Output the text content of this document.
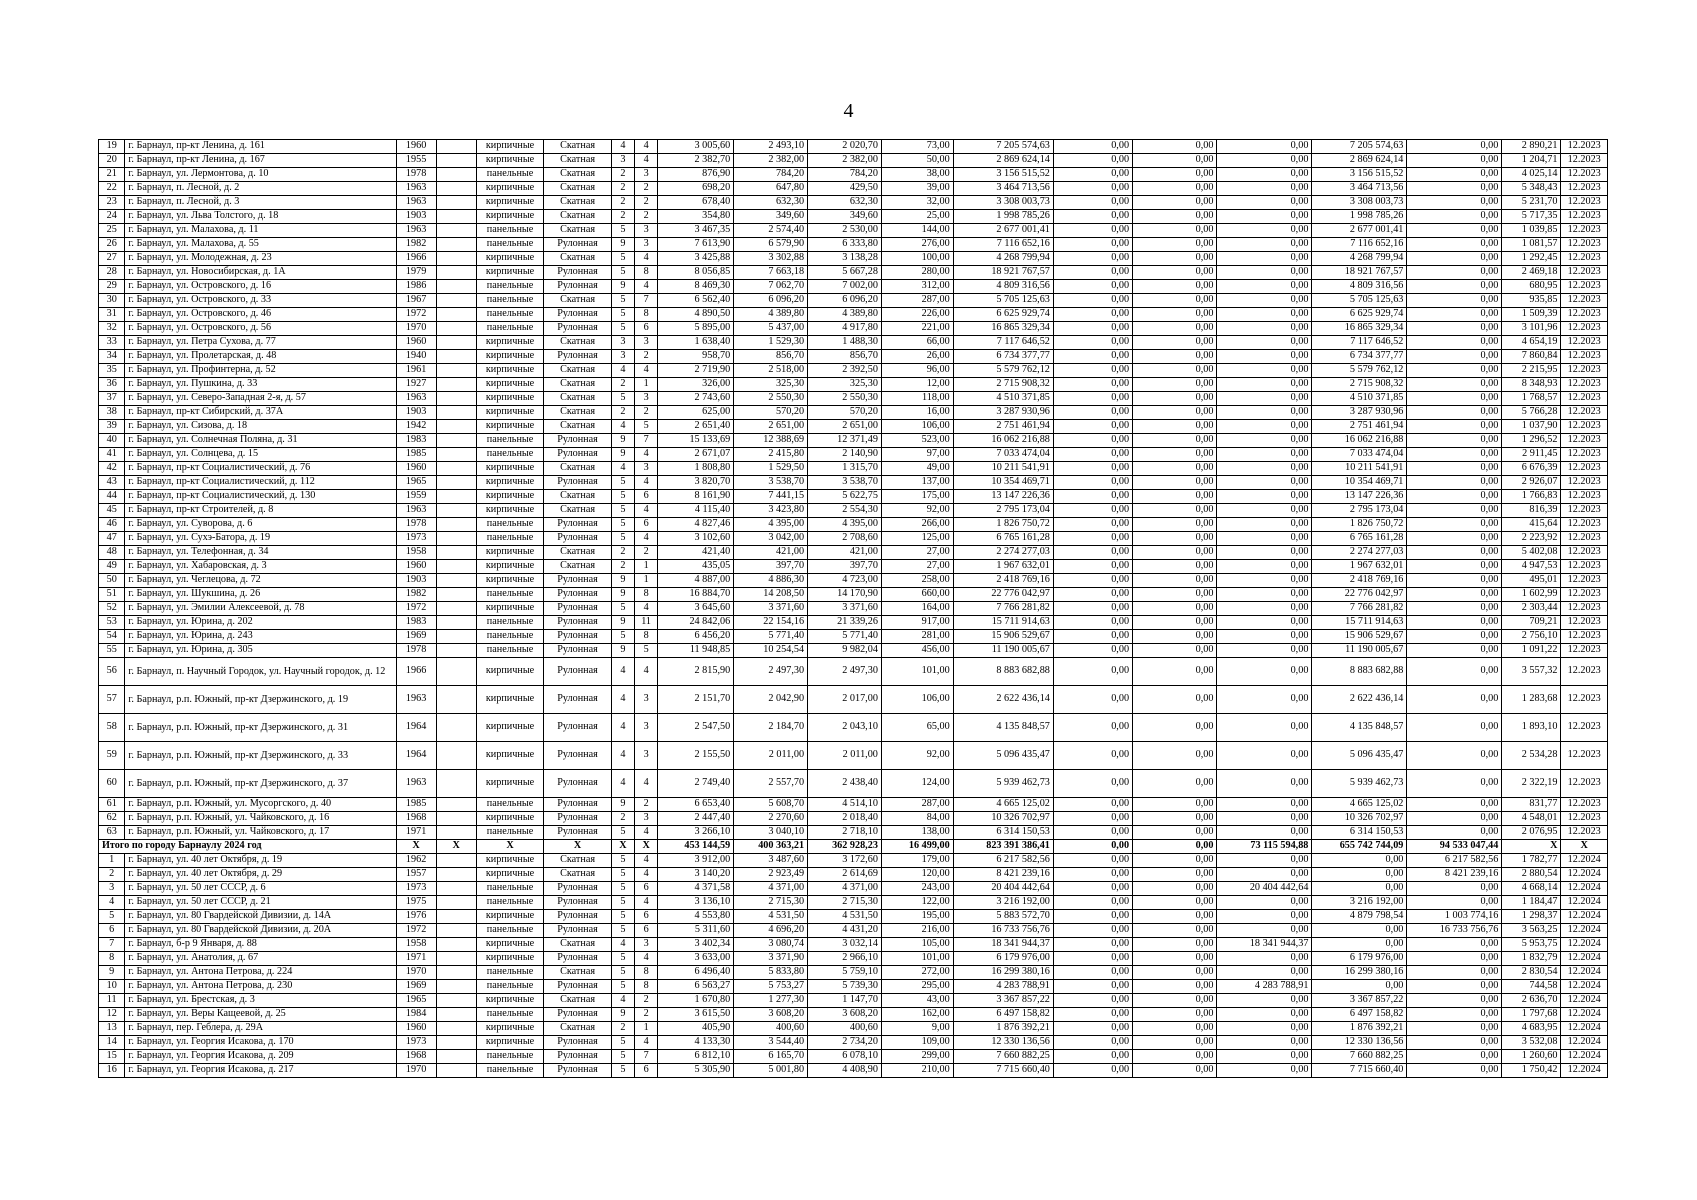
4
19	г. Барнаул, пр-кт Ленина, д. 161	1960		кирпичные	Скатная	4	4	3 005,60	2 493,10	2 020,70	73,00	7 205 574,63	0,00	0,00	0,00	7 205 574,63	0,00	2 890,21	12.2023
20	г. Барнаул, пр-кт Ленина, д. 167	1955		кирпичные	Скатная	3	4	2 382,70	2 382,00	2 382,00	50,00	2 869 624,14	0,00	0,00	0,00	2 869 624,14	0,00	1 204,71	12.2023
21	г. Барнаул, ул. Лермонтова, д. 10	1978		панельные	Скатная	2	3	876,90	784,20	784,20	38,00	3 156 515,52	0,00	0,00	0,00	3 156 515,52	0,00	4 025,14	12.2023
22	г. Барнаул, п. Лесной, д. 2	1963		кирпичные	Скатная	2	2	698,20	647,80	429,50	39,00	3 464 713,56	0,00	0,00	0,00	3 464 713,56	0,00	5 348,43	12.2023
23	г. Барнаул, п. Лесной, д. 3	1963		кирпичные	Скатная	2	2	678,40	632,30	632,30	32,00	3 308 003,73	0,00	0,00	0,00	3 308 003,73	0,00	5 231,70	12.2023
24	г. Барнаул, ул. Льва Толстого, д. 18	1903		кирпичные	Скатная	2	2	354,80	349,60	349,60	25,00	1 998 785,26	0,00	0,00	0,00	1 998 785,26	0,00	5 717,35	12.2023
25	г. Барнаул, ул. Малахова, д. 11	1963		панельные	Скатная	5	3	3 467,35	2 574,40	2 530,00	144,00	2 677 001,41	0,00	0,00	0,00	2 677 001,41	0,00	1 039,85	12.2023
26	г. Барнаул, ул. Малахова, д. 55	1982		панельные	Рулонная	9	3	7 613,90	6 579,90	6 333,80	276,00	7 116 652,16	0,00	0,00	0,00	7 116 652,16	0,00	1 081,57	12.2023
27	г. Барнаул, ул. Молодежная, д. 23	1966		кирпичные	Скатная	5	4	3 425,88	3 302,88	3 138,28	100,00	4 268 799,94	0,00	0,00	0,00	4 268 799,94	0,00	1 292,45	12.2023
28	г. Барнаул, ул. Новосибирская, д. 1А	1979		кирпичные	Рулонная	5	8	8 056,85	7 663,18	5 667,28	280,00	18 921 767,57	0,00	0,00	0,00	18 921 767,57	0,00	2 469,18	12.2023
29	г. Барнаул, ул. Островского, д. 16	1986		панельные	Рулонная	9	4	8 469,30	7 062,70	7 002,00	312,00	4 809 316,56	0,00	0,00	0,00	4 809 316,56	0,00	680,95	12.2023
30	г. Барнаул, ул. Островского, д. 33	1967		панельные	Скатная	5	7	6 562,40	6 096,20	6 096,20	287,00	5 705 125,63	0,00	0,00	0,00	5 705 125,63	0,00	935,85	12.2023
31	г. Барнаул, ул. Островского, д. 46	1972		панельные	Рулонная	5	8	4 890,50	4 389,80	4 389,80	226,00	6 625 929,74	0,00	0,00	0,00	6 625 929,74	0,00	1 509,39	12.2023
32	г. Барнаул, ул. Островского, д. 56	1970		панельные	Рулонная	5	6	5 895,00	5 437,00	4 917,80	221,00	16 865 329,34	0,00	0,00	0,00	16 865 329,34	0,00	3 101,96	12.2023
33	г. Барнаул, ул. Петра Сухова, д. 77	1960		кирпичные	Скатная	3	3	1 638,40	1 529,30	1 488,30	66,00	7 117 646,52	0,00	0,00	0,00	7 117 646,52	0,00	4 654,19	12.2023
34	г. Барнаул, ул. Пролетарская, д. 48	1940		кирпичные	Рулонная	3	2	958,70	856,70	856,70	26,00	6 734 377,77	0,00	0,00	0,00	6 734 377,77	0,00	7 860,84	12.2023
35	г. Барнаул, ул. Профинтерна, д. 52	1961		кирпичные	Скатная	4	4	2 719,90	2 518,00	2 392,50	96,00	5 579 762,12	0,00	0,00	0,00	5 579 762,12	0,00	2 215,95	12.2023
36	г. Барнаул, ул. Пушкина, д. 33	1927		кирпичные	Скатная	2	1	326,00	325,30	325,30	12,00	2 715 908,32	0,00	0,00	0,00	2 715 908,32	0,00	8 348,93	12.2023
37	г. Барнаул, ул. Северо-Западная 2-я, д. 57	1963		кирпичные	Скатная	5	3	2 743,60	2 550,30	2 550,30	118,00	4 510 371,85	0,00	0,00	0,00	4 510 371,85	0,00	1 768,57	12.2023
38	г. Барнаул, пр-кт Сибирский, д. 37А	1903		кирпичные	Скатная	2	2	625,00	570,20	570,20	16,00	3 287 930,96	0,00	0,00	0,00	3 287 930,96	0,00	5 766,28	12.2023
39	г. Барнаул, ул. Сизова, д. 18	1942		кирпичные	Скатная	4	5	2 651,40	2 651,00	2 651,00	106,00	2 751 461,94	0,00	0,00	0,00	2 751 461,94	0,00	1 037,90	12.2023
40	г. Барнаул, ул. Солнечная Поляна, д. 31	1983		панельные	Рулонная	9	7	15 133,69	12 388,69	12 371,49	523,00	16 062 216,88	0,00	0,00	0,00	16 062 216,88	0,00	1 296,52	12.2023
41	г. Барнаул, ул. Солнцева, д. 15	1985		панельные	Рулонная	9	4	2 671,07	2 415,80	2 140,90	97,00	7 033 474,04	0,00	0,00	0,00	7 033 474,04	0,00	2 911,45	12.2023
42	г. Барнаул, пр-кт Социалистический, д. 76	1960		кирпичные	Скатная	4	3	1 808,80	1 529,50	1 315,70	49,00	10 211 541,91	0,00	0,00	0,00	10 211 541,91	0,00	6 676,39	12.2023
43	г. Барнаул, пр-кт Социалистический, д. 112	1965		кирпичные	Рулонная	5	4	3 820,70	3 538,70	3 538,70	137,00	10 354 469,71	0,00	0,00	0,00	10 354 469,71	0,00	2 926,07	12.2023
44	г. Барнаул, пр-кт Социалистический, д. 130	1959		кирпичные	Скатная	5	6	8 161,90	7 441,15	5 622,75	175,00	13 147 226,36	0,00	0,00	0,00	13 147 226,36	0,00	1 766,83	12.2023
45	г. Барнаул, пр-кт Строителей, д. 8	1963		кирпичные	Скатная	5	4	4 115,40	3 423,80	2 554,30	92,00	2 795 173,04	0,00	0,00	0,00	2 795 173,04	0,00	816,39	12.2023
46	г. Барнаул, ул. Суворова, д. 6	1978		панельные	Рулонная	5	6	4 827,46	4 395,00	4 395,00	266,00	1 826 750,72	0,00	0,00	0,00	1 826 750,72	0,00	415,64	12.2023
47	г. Барнаул, ул. Сухэ-Батора, д. 19	1973		панельные	Рулонная	5	4	3 102,60	3 042,00	2 708,60	125,00	6 765 161,28	0,00	0,00	0,00	6 765 161,28	0,00	2 223,92	12.2023
48	г. Барнаул, ул. Телефонная, д. 34	1958		кирпичные	Скатная	2	2	421,40	421,00	421,00	27,00	2 274 277,03	0,00	0,00	0,00	2 274 277,03	0,00	5 402,08	12.2023
49	г. Барнаул, ул. Хабаровская, д. 3	1960		кирпичные	Скатная	2	1	435,05	397,70	397,70	27,00	1 967 632,01	0,00	0,00	0,00	1 967 632,01	0,00	4 947,53	12.2023
50	г. Барнаул, ул. Чеглецова, д. 72	1903		кирпичные	Рулонная	9	1	4 887,00	4 886,30	4 723,00	258,00	2 418 769,16	0,00	0,00	0,00	2 418 769,16	0,00	495,01	12.2023
51	г. Барнаул, ул. Шукшина, д. 26	1982		панельные	Рулонная	9	8	16 884,70	14 208,50	14 170,90	660,00	22 776 042,97	0,00	0,00	0,00	22 776 042,97	0,00	1 602,99	12.2023
52	г. Барнаул, ул. Эмилии Алексеевой, д. 78	1972		кирпичные	Рулонная	5	4	3 645,60	3 371,60	3 371,60	164,00	7 766 281,82	0,00	0,00	0,00	7 766 281,82	0,00	2 303,44	12.2023
53	г. Барнаул, ул. Юрина, д. 202	1983		панельные	Рулонная	9	11	24 842,06	22 154,16	21 339,26	917,00	15 711 914,63	0,00	0,00	0,00	15 711 914,63	0,00	709,21	12.2023
54	г. Барнаул, ул. Юрина, д. 243	1969		панельные	Рулонная	5	8	6 456,20	5 771,40	5 771,40	281,00	15 906 529,67	0,00	0,00	0,00	15 906 529,67	0,00	2 756,10	12.2023
55	г. Барнаул, ул. Юрина, д. 305	1978		панельные	Рулонная	9	5	11 948,85	10 254,54	9 982,04	456,00	11 190 005,67	0,00	0,00	0,00	11 190 005,67	0,00	1 091,22	12.2023
56	г. Барнаул, п. Научный Городок, ул. Научный городок, д. 12	1966		кирпичные	Рулонная	4	4	2 815,90	2 497,30	2 497,30	101,00	8 883 682,88	0,00	0,00	0,00	8 883 682,88	0,00	3 557,32	12.2023
57	г. Барнаул, р.п. Южный, пр-кт Дзержинского, д. 19	1963		кирпичные	Рулонная	4	3	2 151,70	2 042,90	2 017,00	106,00	2 622 436,14	0,00	0,00	0,00	2 622 436,14	0,00	1 283,68	12.2023
58	г. Барнаул, р.п. Южный, пр-кт Дзержинского, д. 31	1964		кирпичные	Рулонная	4	3	2 547,50	2 184,70	2 043,10	65,00	4 135 848,57	0,00	0,00	0,00	4 135 848,57	0,00	1 893,10	12.2023
59	г. Барнаул, р.п. Южный, пр-кт Дзержинского, д. 33	1964		кирпичные	Рулонная	4	3	2 155,50	2 011,00	2 011,00	92,00	5 096 435,47	0,00	0,00	0,00	5 096 435,47	0,00	2 534,28	12.2023
60	г. Барнаул, р.п. Южный, пр-кт Дзержинского, д. 37	1963		кирпичные	Рулонная	4	4	2 749,40	2 557,70	2 438,40	124,00	5 939 462,73	0,00	0,00	0,00	5 939 462,73	0,00	2 322,19	12.2023
61	г. Барнаул, р.п. Южный, ул. Мусоргского, д. 40	1985		панельные	Рулонная	9	2	6 653,40	5 608,70	4 514,10	287,00	4 665 125,02	0,00	0,00	0,00	4 665 125,02	0,00	831,77	12.2023
62	г. Барнаул, р.п. Южный, ул. Чайковского, д. 16	1968		кирпичные	Рулонная	2	3	2 447,40	2 270,60	2 018,40	84,00	10 326 702,97	0,00	0,00	0,00	10 326 702,97	0,00	4 548,01	12.2023
63	г. Барнаул, р.п. Южный, ул. Чайковского, д. 17	1971		панельные	Рулонная	5	4	3 266,10	3 040,10	2 718,10	138,00	6 314 150,53	0,00	0,00	0,00	6 314 150,53	0,00	2 076,95	12.2023
Итого по городу Барнаулу 2024 год		X	X	X	X	X	X	453 144,59	400 363,21	362 928,23	16 499,00	823 391 386,41	0,00	0,00	73 115 594,88	655 742 744,09	94 533 047,44	X	X
1	г. Барнаул, ул. 40 лет Октября, д. 19	1962		кирпичные	Скатная	5	4	3 912,00	3 487,60	3 172,60	179,00	6 217 582,56	0,00	0,00	0,00	0,00	6 217 582,56	1 782,77	12.2024
2	г. Барнаул, ул. 40 лет Октября, д. 29	1957		кирпичные	Скатная	5	4	3 140,20	2 923,49	2 614,69	120,00	8 421 239,16	0,00	0,00	0,00	0,00	8 421 239,16	2 880,54	12.2024
3	г. Барнаул, ул. 50 лет СССР, д. 6	1973		панельные	Рулонная	5	6	4 371,58	4 371,00	4 371,00	243,00	20 404 442,64	0,00	0,00	20 404 442,64	0,00	0,00	4 668,14	12.2024
4	г. Барнаул, ул. 50 лет СССР, д. 21	1975		панельные	Рулонная	5	4	3 136,10	2 715,30	2 715,30	122,00	3 216 192,00	0,00	0,00	0,00	3 216 192,00	0,00	1 184,47	12.2024
5	г. Барнаул, ул. 80 Гвардейской Дивизии, д. 14А	1976		кирпичные	Рулонная	5	6	4 553,80	4 531,50	4 531,50	195,00	5 883 572,70	0,00	0,00	0,00	4 879 798,54	1 003 774,16	1 298,37	12.2024
6	г. Барнаул, ул. 80 Гвардейской Дивизии, д. 20А	1972		панельные	Рулонная	5	6	5 311,60	4 696,20	4 431,20	216,00	16 733 756,76	0,00	0,00	0,00	0,00	16 733 756,76	3 563,25	12.2024
7	г. Барнаул, б-р 9 Января, д. 88	1958		кирпичные	Скатная	4	3	3 402,34	3 080,74	3 032,14	105,00	18 341 944,37	0,00	0,00	18 341 944,37	0,00	0,00	5 953,75	12.2024
8	г. Барнаул, ул. Анатолия, д. 67	1971		кирпичные	Рулонная	5	4	3 633,00	3 371,90	2 966,10	101,00	6 179 976,00	0,00	0,00	0,00	6 179 976,00	0,00	1 832,79	12.2024
9	г. Барнаул, ул. Антона Петрова, д. 224	1970		панельные	Скатная	5	8	6 496,40	5 833,80	5 759,10	272,00	16 299 380,16	0,00	0,00	0,00	16 299 380,16	0,00	2 830,54	12.2024
10	г. Барнаул, ул. Антона Петрова, д. 230	1969		панельные	Рулонная	5	8	6 563,27	5 753,27	5 739,30	295,00	4 283 788,91	0,00	0,00	4 283 788,91	0,00	0,00	744,58	12.2024
11	г. Барнаул, ул. Брестская, д. 3	1965		кирпичные	Скатная	4	2	1 670,80	1 277,30	1 147,70	43,00	3 367 857,22	0,00	0,00	0,00	3 367 857,22	0,00	2 636,70	12.2024
12	г. Барнаул, ул. Веры Кащеевой, д. 25	1984		панельные	Рулонная	9	2	3 615,50	3 608,20	3 608,20	162,00	6 497 158,82	0,00	0,00	0,00	6 497 158,82	0,00	1 797,68	12.2024
13	г. Барнаул, пер. Геблера, д. 29А	1960		кирпичные	Скатная	2	1	405,90	400,60	400,60	9,00	1 876 392,21	0,00	0,00	0,00	1 876 392,21	0,00	4 683,95	12.2024
14	г. Барнаул, ул. Георгия Исакова, д. 170	1973		кирпичные	Рулонная	5	4	4 133,30	3 544,40	2 734,20	109,00	12 330 136,56	0,00	0,00	0,00	12 330 136,56	0,00	3 532,08	12.2024
15	г. Барнаул, ул. Георгия Исакова, д. 209	1968		панельные	Рулонная	5	7	6 812,10	6 165,70	6 078,10	299,00	7 660 882,25	0,00	0,00	0,00	7 660 882,25	0,00	1 260,60	12.2024
16	г. Барнаул, ул. Георгия Исакова, д. 217	1970		панельные	Рулонная	5	6	5 305,90	5 001,80	4 408,90	210,00	7 715 660,40	0,00	0,00	0,00	7 715 660,40	0,00	1 750,42	12.2024
